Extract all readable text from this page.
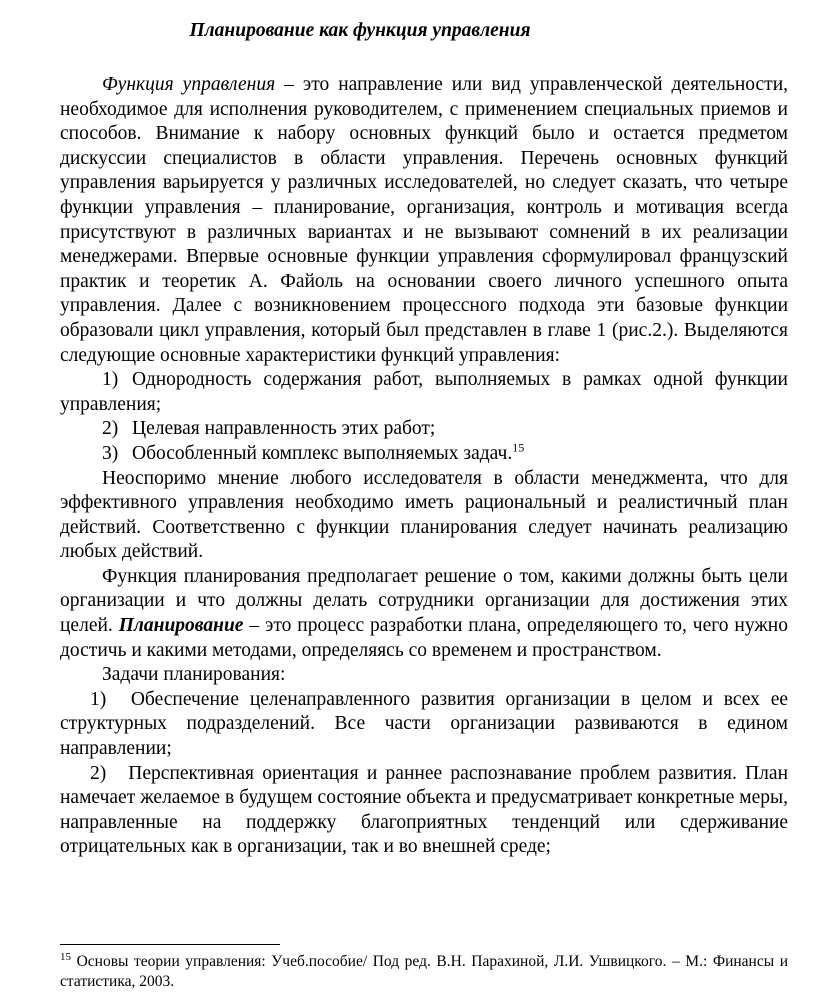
Планирование как функция управления

Функция управления – это направление или вид управленческой деятельности, необходимое для исполнения руководителем, с применением специальных приемов и способов. Внимание к набору основных функций было и остается предметом дискуссии специалистов в области управления. Перечень основных функций управления варьируется у различных исследователей, но следует сказать, что четыре функции управления – планирование, организация, контроль и мотивация всегда присутствуют в различных вариантах и не вызывают сомнений в их реализации менеджерами. Впервые основные функции управления сформулировал французский практик и теоретик А. Файоль на основании своего личного успешного опыта управления. Далее с возникновением процессного подхода эти базовые функции образовали цикл управления, который был представлен в главе 1 (рис.2.). Выделяются следующие основные характеристики функций управления:

1) Однородность содержания работ, выполняемых в рамках одной функции управления;

2) Целевая направленность этих работ;

3) Обособленный комплекс выполняемых задач.$^{15}$

Неоспоримо мнение любого исследователя в области менеджмента, что для эффективного управления необходимо иметь рациональный и реалистичный план действий. Соответственно с функции планирования следует начинать реализацию любых действий.

Функция планирования предполагает решение о том, какими должны быть цели организации и что должны делать сотрудники организации для достижения этих целей. Планирование – это процесс разработки плана, определяющего то, чего нужно достичь и какими методами, определяясь со временем и пространством.

Задачи планирования:

1) Обеспечение целенаправленного развития организации в целом и всех ее структурных подразделений. Все части организации развиваются в едином направлении;

2) Перспективная ориентация и раннее распознавание проблем развития. План намечает желаемое в будущем состояние объекта и предусматривает конкретные меры, направленные на поддержку благоприятных тенденций или сдерживание отрицательных как в организации, так и во внешней среде;

$^{15}$ Основы теории управления: Учеб.пособие/ Под ред. В.Н. Парахиной, Л.И. Ушвицкого. – М.: Финансы и статистика, 2003.
